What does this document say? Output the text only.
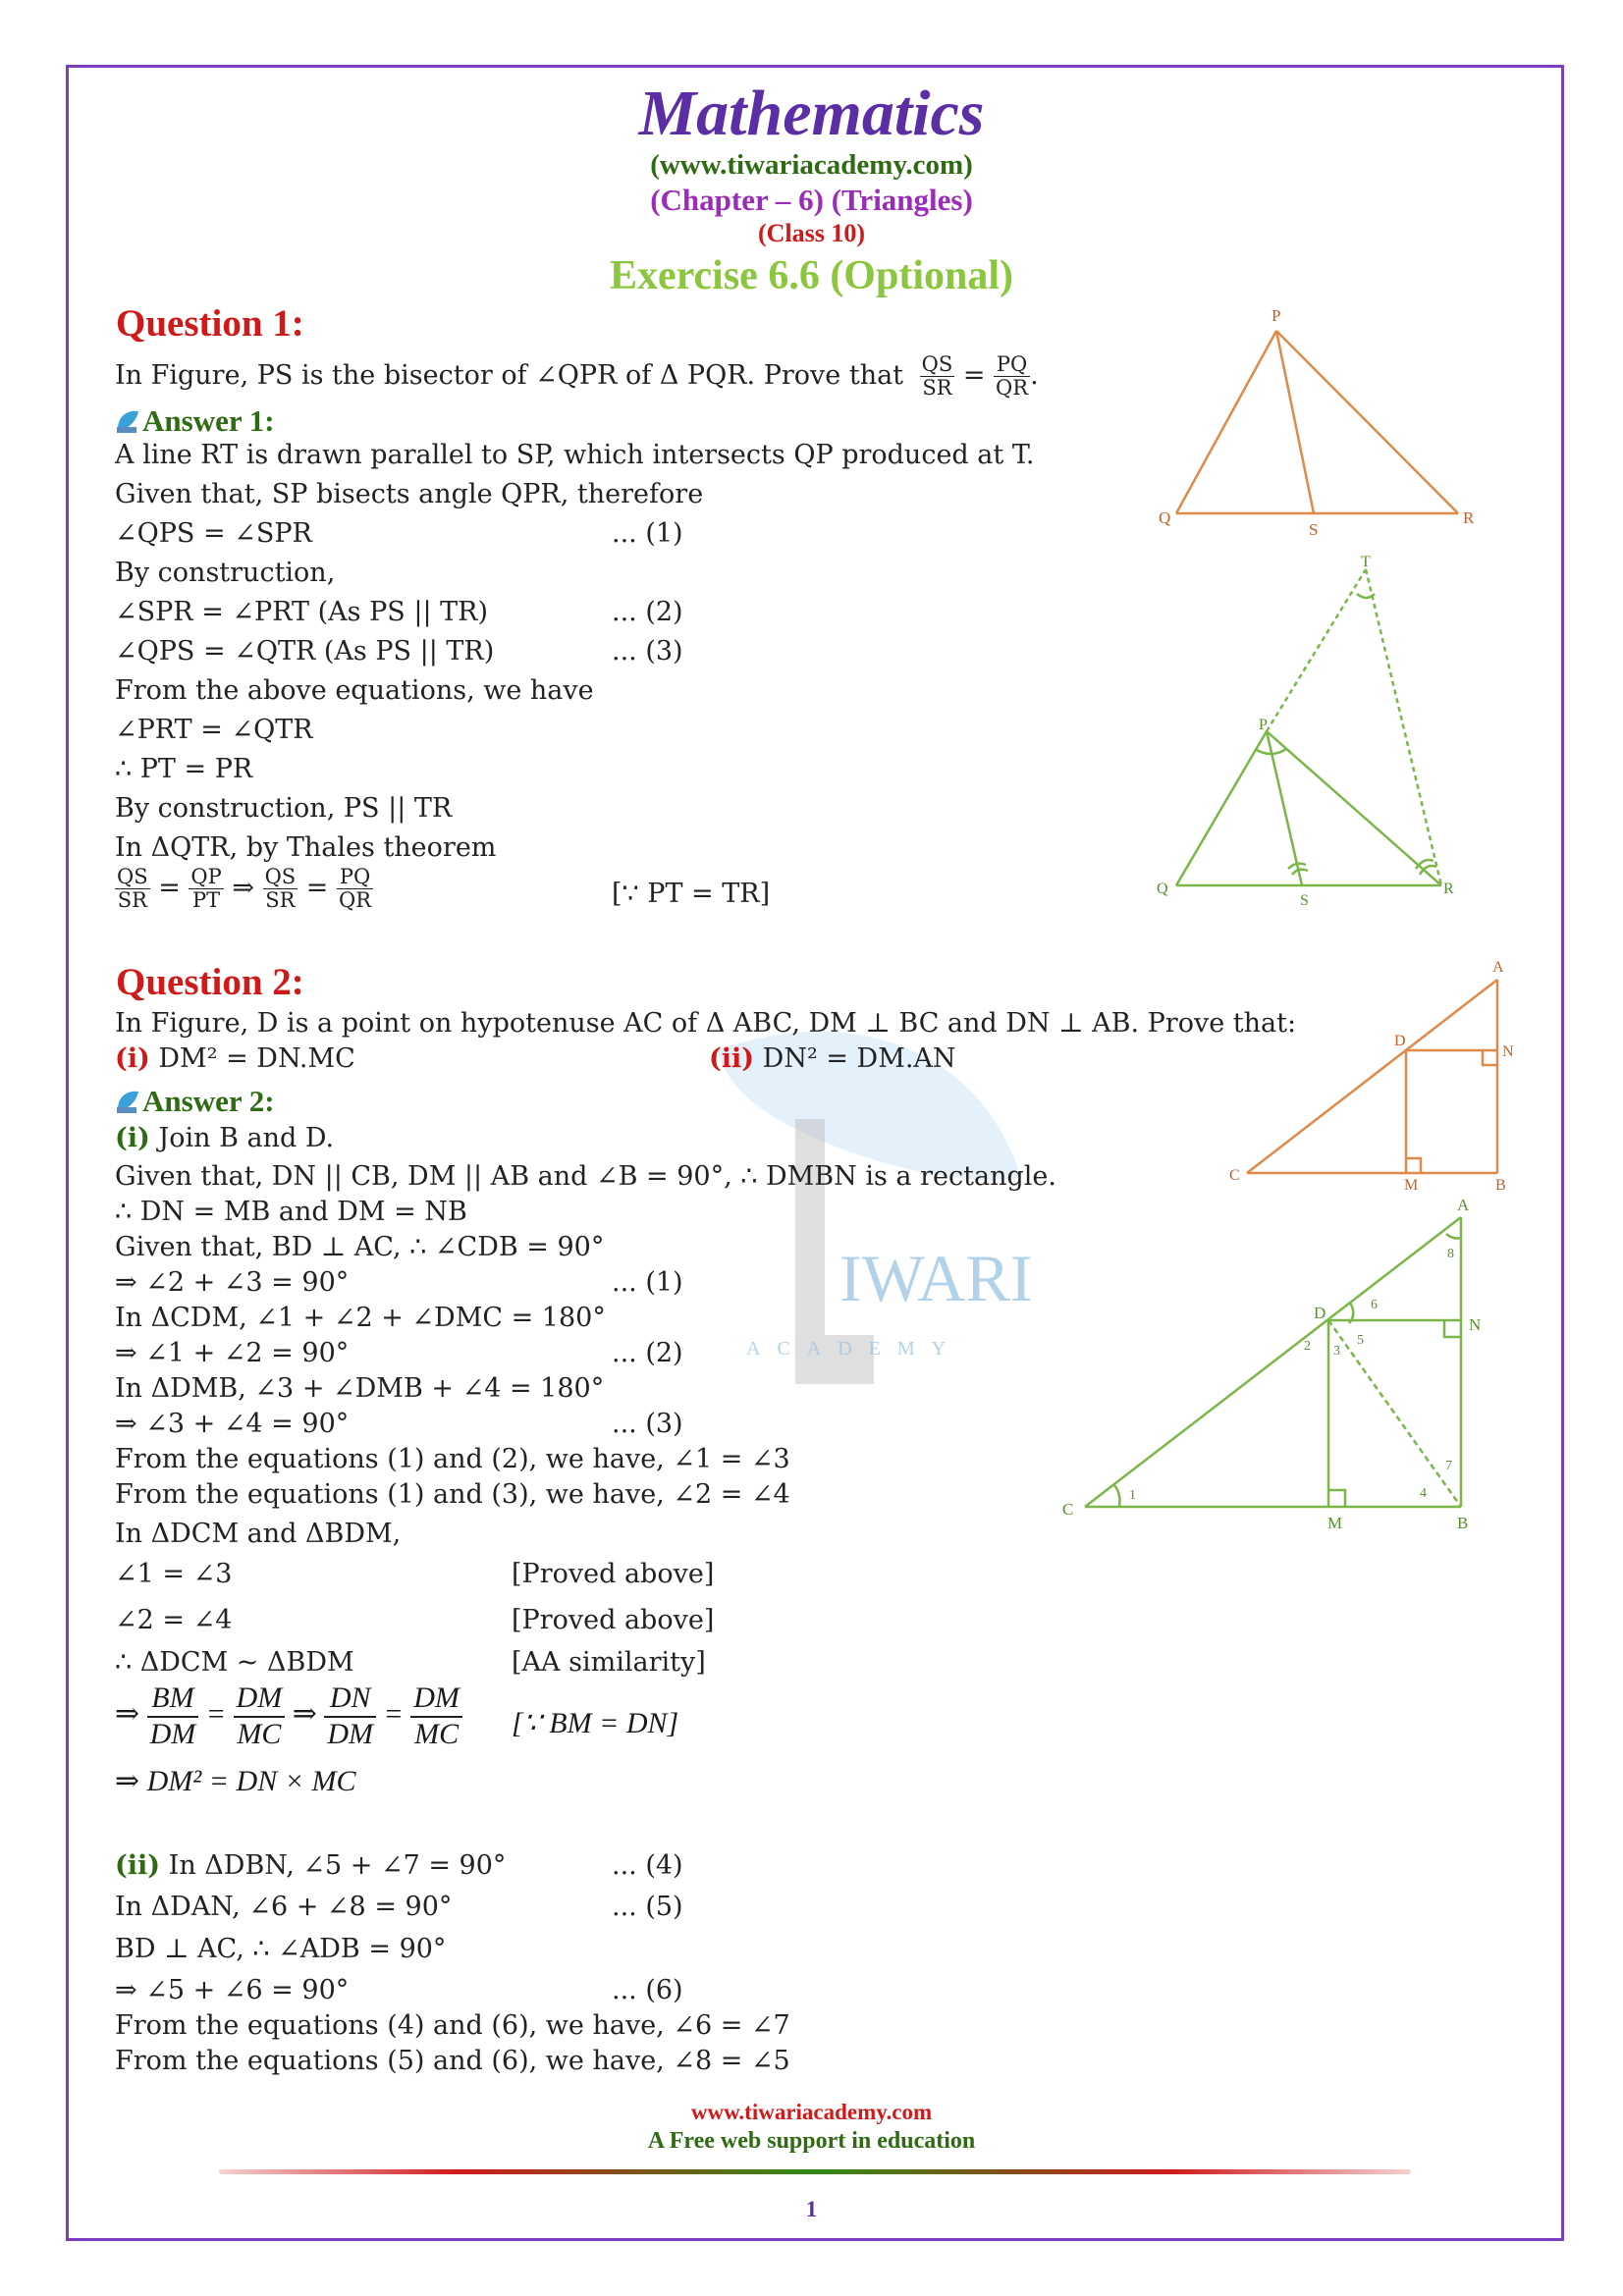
IWARI
ACADEMY
Mathematics
(www.tiwariacademy.com)
(Chapter – 6) (Triangles)
(Class 10)
Exercise 6.6 (Optional)
Question 1:
In Figure, PS is the bisector of ∠QPR of Δ PQR. Prove that $\frac{QS}{SR} = \frac{PQ}{QR}$ .
Answer 1:
A line RT is drawn parallel to SP, which intersects QP produced at T.
Given that, SP bisects angle QPR, therefore
∠QPS = ∠SPR	... (1)
By construction,
∠SPR = ∠PRT (As PS || TR)	... (2)
∠QPS = ∠QTR (As PS || TR)	... (3)
From the above equations, we have
∠PRT = ∠QTR
∴ PT = PR
By construction, PS || TR
In ΔQTR, by Thales theorem
$\frac{QS}{SR} = \frac{QP}{PT}$ ⇒ $\frac{QS}{SR} = \frac{PQ}{QR}$	[∵ PT = TR]
P
Q
S
R
T
P
Q
S
R
Question 2:
In Figure, D is a point on hypotenuse AC of Δ ABC, DM ⊥ BC and DN ⊥ AB. Prove that:
(i) DM² = DN.MC	(ii) DN² = DM.AN
Answer 2:
(i) Join B and D.
Given that, DN || CB, DM || AB and ∠B = 90°, ∴ DMBN is a rectangle.
∴ DN = MB and DM = NB
Given that, BD ⊥ AC, ∴ ∠CDB = 90°
⇒ ∠2 + ∠3 = 90°	... (1)
In ΔCDM, ∠1 + ∠2 + ∠DMC = 180°
⇒ ∠1 + ∠2 = 90°	... (2)
In ΔDMB, ∠3 + ∠DMB + ∠4 = 180°
⇒ ∠3 + ∠4 = 90°	... (3)
From the equations (1) and (2), we have, ∠1 = ∠3
From the equations (1) and (3), we have, ∠2 = ∠4
In ΔDCM and ΔBDM,
∠1 = ∠3	[Proved above]
∠2 = ∠4	[Proved above]
∴ ΔDCM ~ ΔBDM	[AA similarity]
⇒ $\frac{BM}{DM} = \frac{DM}{MC}$ ⇒ $\frac{DN}{DM} = \frac{DM}{MC}$ [∵ BM = DN]
⇒ DM² = DN × MC
(ii) In ΔDBN, ∠5 + ∠7 = 90°	... (4)
In ΔDAN, ∠6 + ∠8 = 90°	... (5)
BD ⊥ AC, ∴ ∠ADB = 90°
⇒ ∠5 + ∠6 = 90°	... (6)
From the equations (4) and (6), we have, ∠6 = ∠7
From the equations (5) and (6), we have, ∠8 = ∠5
A
D
N
C
M	B
A
D
N
C
M	B
1
2 3
4
5
6
7
8
www.tiwariacademy.com
A Free web support in education
1
